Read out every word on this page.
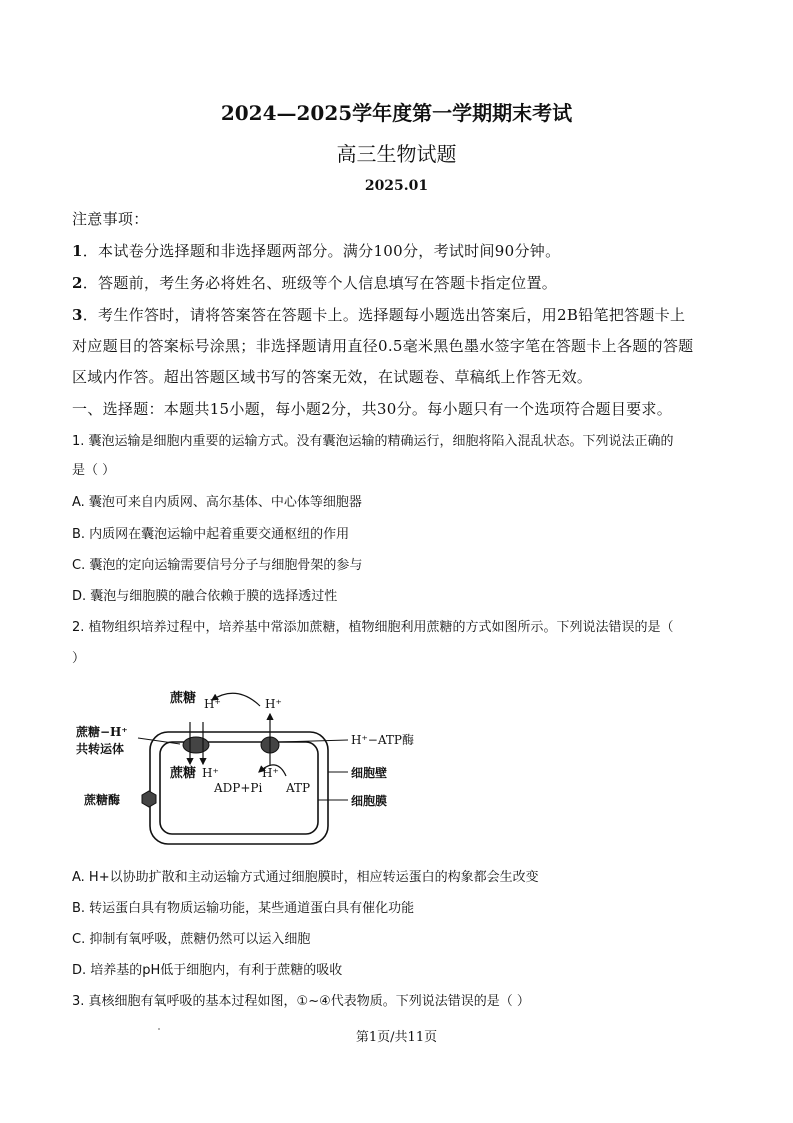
2024—2025学年度第一学期期末考试
高三生物试题
2025.01
注意事项：
1．本试卷分选择题和非选择题两部分。满分100分，考试时间90分钟。
2．答题前，考生务必将姓名、班级等个人信息填写在答题卡指定位置。
3．考生作答时，请将答案答在答题卡上。选择题每小题选出答案后，用2B铅笔把答题卡上
对应题目的答案标号涂黑；非选择题请用直径0.5毫米黑色墨水签字笔在答题卡上各题的答题
区域内作答。超出答题区域书写的答案无效，在试题卷、草稿纸上作答无效。
一、选择题：本题共15小题，每小题2分，共30分。每小题只有一个选项符合题目要求。
1. 囊泡运输是细胞内重要的运输方式。没有囊泡运输的精确运行，细胞将陷入混乱状态。下列说法正确的
是（ ）
A. 囊泡可来自内质网、高尔基体、中心体等细胞器
B. 内质网在囊泡运输中起着重要交通枢纽的作用
C. 囊泡的定向运输需要信号分子与细胞骨架的参与
D. 囊泡与细胞膜的融合依赖于膜的选择透过性
2. 植物组织培养过程中，培养基中常添加蔗糖，植物细胞利用蔗糖的方式如图所示。下列说法错误的是（
）
蔗糖 H⁺	H⁺
蔗糖−H⁺
共转运体
H⁺−ATP酶
蔗糖 H⁺	H⁺
ADP+Pi ATP
细胞壁
细胞膜
蔗糖酶
A. H+以协助扩散和主动运输方式通过细胞膜时，相应转运蛋白的构象都会生改变
B. 转运蛋白具有物质运输功能，某些通道蛋白具有催化功能
C. 抑制有氧呼吸，蔗糖仍然可以运入细胞
D. 培养基的pH低于细胞内，有利于蔗糖的吸收
3. 真核细胞有氧呼吸的基本过程如图，①~④代表物质。下列说法错误的是（ ）
第1页/共11页
